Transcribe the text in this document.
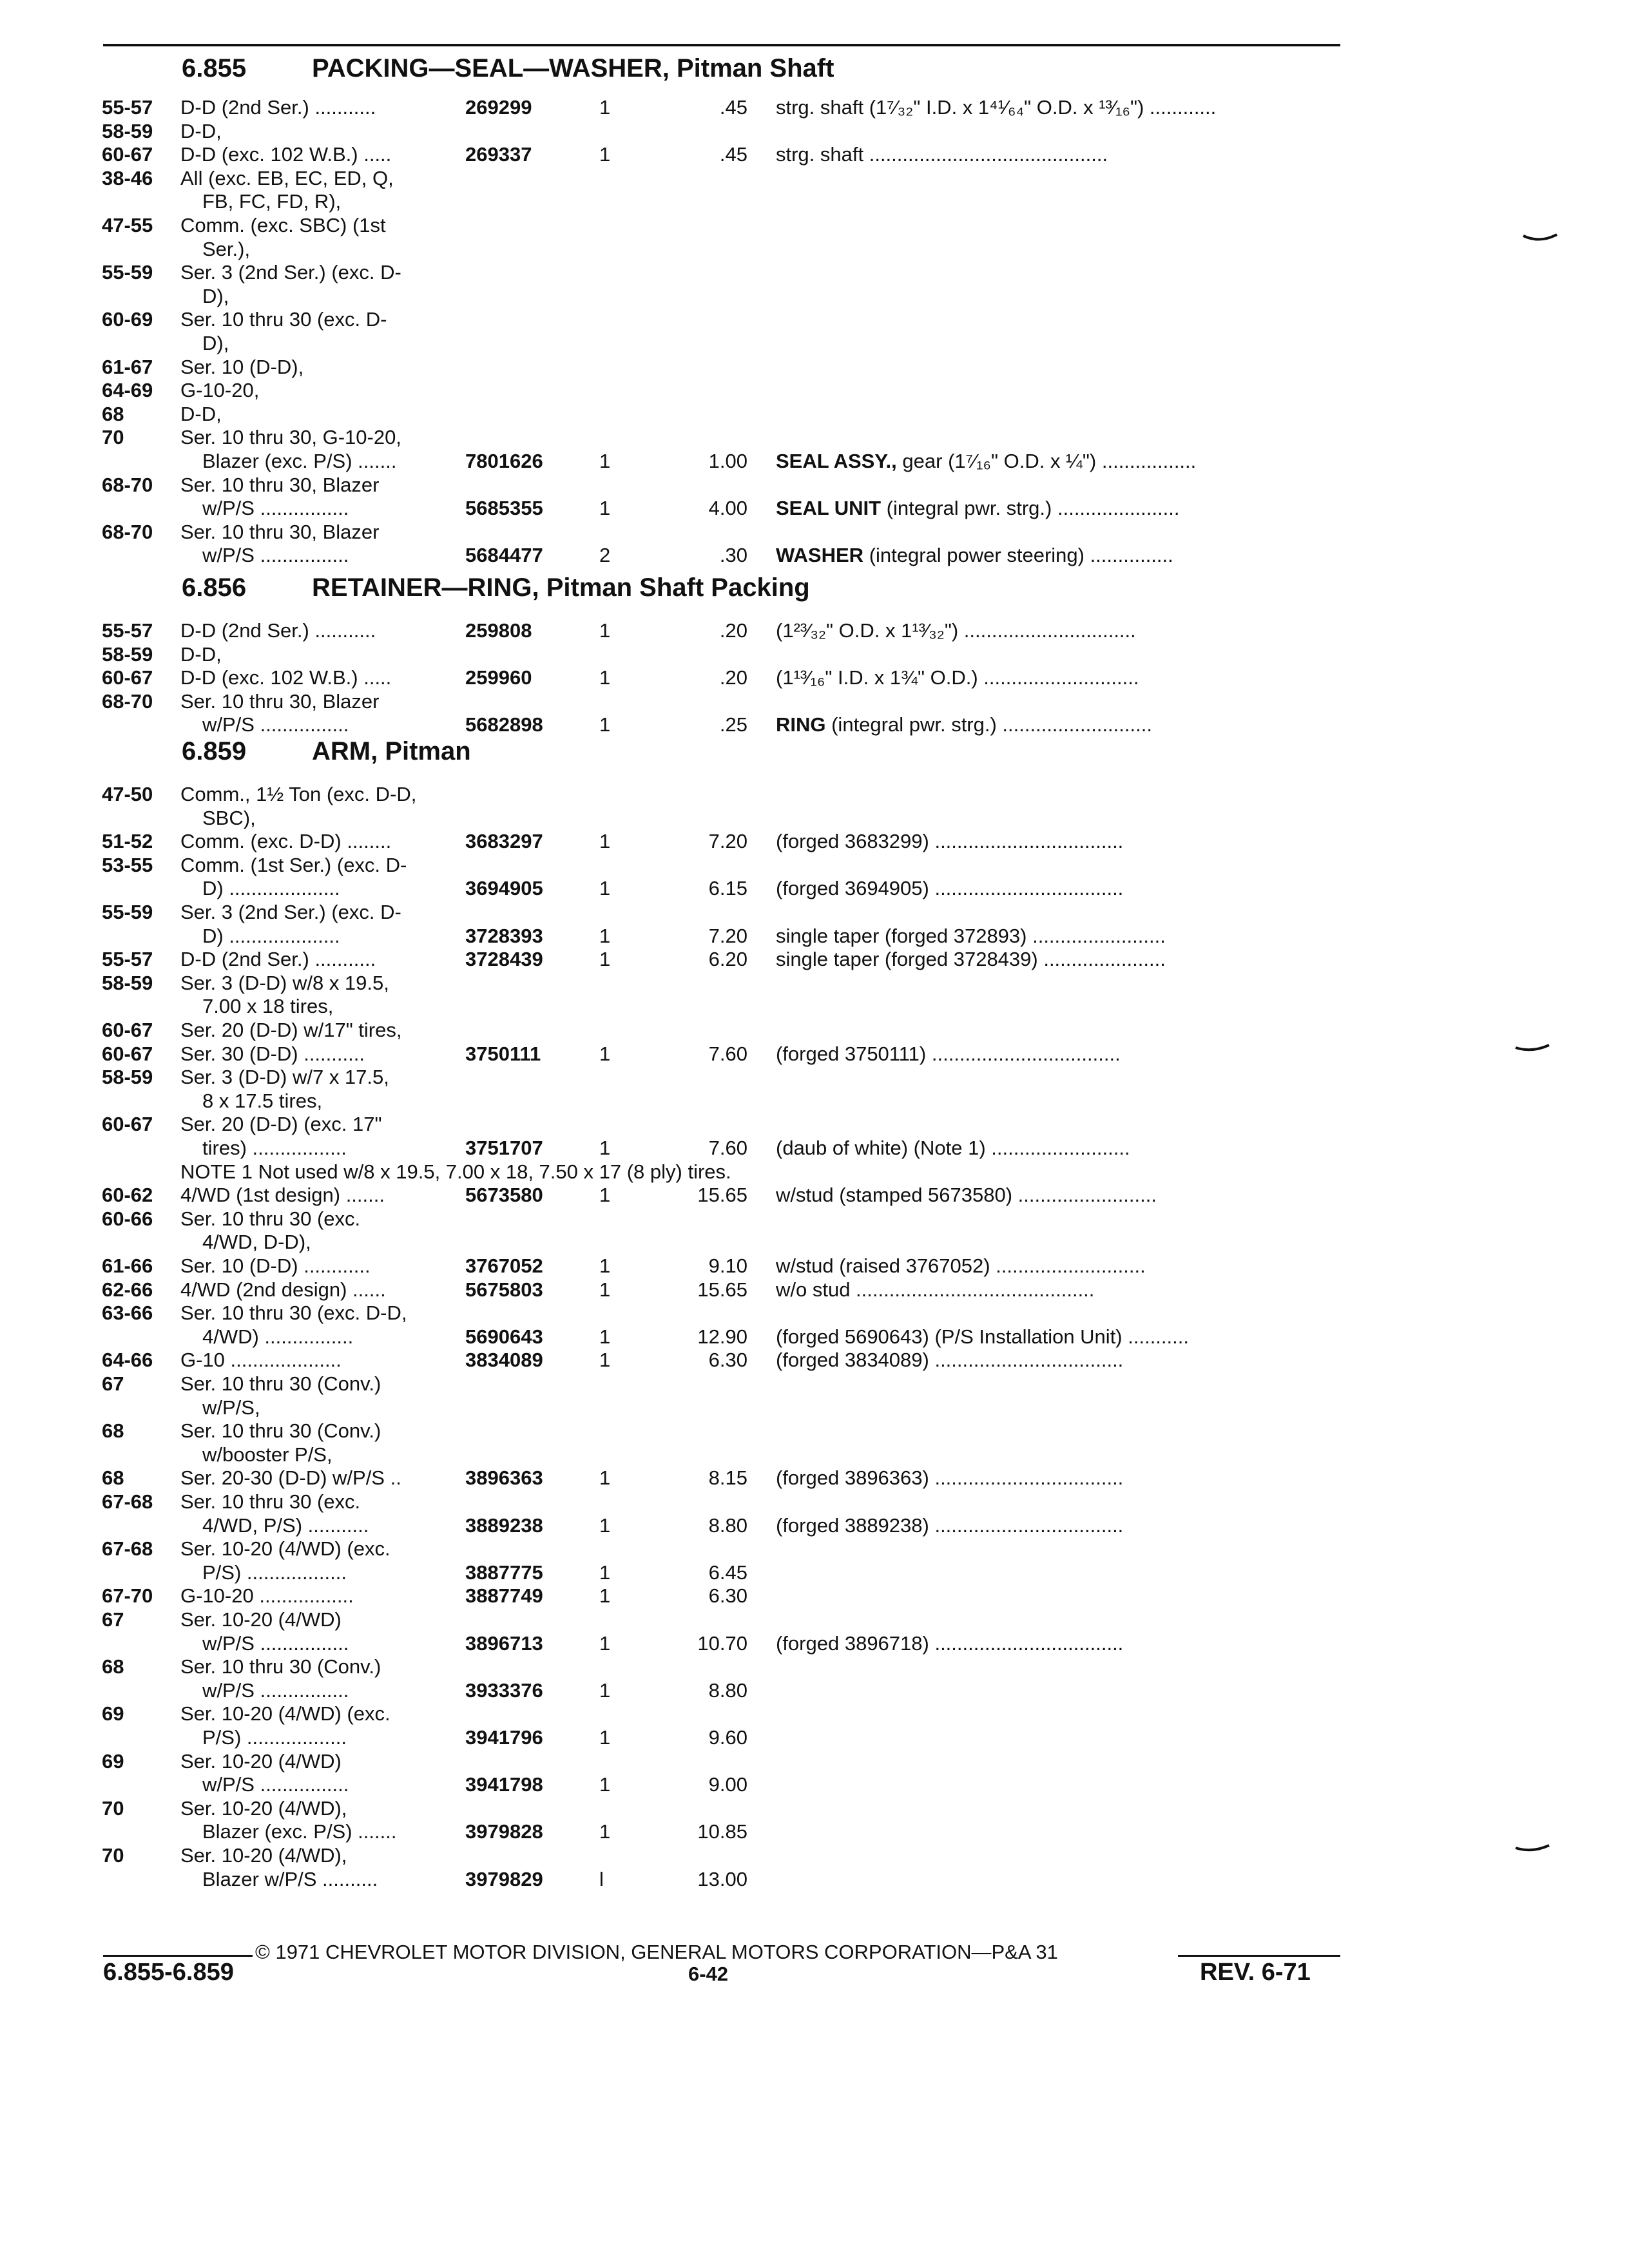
6.855	PACKING—SEAL—WASHER, Pitman Shaft
6.856	RETAINER—RING, Pitman Shaft Packing
6.859	ARM, Pitman
55-57	D-D (2nd Ser.) ...........	269299	1	.45 strg. shaft (1⁷⁄₃₂" I.D. x 1⁴¹⁄₆₄" O.D. x ¹³⁄₁₆") ............
58-59	D-D,
60-67	D-D (exc. 102 W.B.) .....	269337	1	.45 strg. shaft ...........................................
38-46	All (exc. EB, EC, ED, Q,
FB, FC, FD, R),
47-55	Comm. (exc. SBC) (1st
Ser.),
55-59	Ser. 3 (2nd Ser.) (exc. D-
D),
60-69	Ser. 10 thru 30 (exc. D-
D),
61-67	Ser. 10 (D-D),
64-69	G-10-20,
68	D-D,
70	Ser. 10 thru 30, G-10-20,
Blazer (exc. P/S) .......	7801626	1	1.00 SEAL ASSY., gear (1⁷⁄₁₆" O.D. x ¼") .................
68-70	Ser. 10 thru 30, Blazer
w/P/S ................	5685355	1	4.00 SEAL UNIT (integral pwr. strg.) ......................
68-70	Ser. 10 thru 30, Blazer
w/P/S ................	5684477	2	.30 WASHER (integral power steering) ...............
55-57	D-D (2nd Ser.) ...........	259808	1	.20 (1²³⁄₃₂" O.D. x 1¹³⁄₃₂") ...............................
58-59	D-D,
60-67	D-D (exc. 102 W.B.) .....	259960	1	.20 (1¹³⁄₁₆" I.D. x 1¾" O.D.) ............................
68-70	Ser. 10 thru 30, Blazer
w/P/S ................	5682898	1	.25 RING (integral pwr. strg.) ...........................
47-50	Comm., 1½ Ton (exc. D-D,
SBC),
51-52	Comm. (exc. D-D) ........	3683297	1	7.20 (forged 3683299) ..................................
53-55	Comm. (1st Ser.) (exc. D-
D) ....................	3694905	1	6.15 (forged 3694905) ..................................
55-59	Ser. 3 (2nd Ser.) (exc. D-
D) ....................	3728393	1	7.20 single taper (forged 372893) ........................
55-57	D-D (2nd Ser.) ...........	3728439	1	6.20 single taper (forged 3728439) ......................
58-59	Ser. 3 (D-D) w/8 x 19.5,
7.00 x 18 tires,
60-67	Ser. 20 (D-D) w/17" tires,
60-67	Ser. 30 (D-D) ...........	3750111	1	7.60 (forged 3750111) ..................................
58-59	Ser. 3 (D-D) w/7 x 17.5,
8 x 17.5 tires,
60-67	Ser. 20 (D-D) (exc. 17"
tires) .................	3751707	1	7.60 (daub of white) (Note 1) .........................
NOTE 1 Not used w/8 x 19.5, 7.00 x 18, 7.50 x 17 (8 ply) tires.
60-62	4/WD (1st design) .......	5673580	1	15.65 w/stud (stamped 5673580) .........................
60-66	Ser. 10 thru 30 (exc.
4/WD, D-D),
61-66	Ser. 10 (D-D) ............	3767052	1	9.10 w/stud (raised 3767052) ...........................
62-66	4/WD (2nd design) ......	5675803	1	15.65 w/o stud ...........................................
63-66	Ser. 10 thru 30 (exc. D-D,
4/WD) ................	5690643	1	12.90 (forged 5690643) (P/S Installation Unit) ...........
64-66	G-10 ....................	3834089	1	6.30 (forged 3834089) ..................................
67	Ser. 10 thru 30 (Conv.)
w/P/S,
68	Ser. 10 thru 30 (Conv.)
w/booster P/S,
68	Ser. 20-30 (D-D) w/P/S ..	3896363	1	8.15 (forged 3896363) ..................................
67-68	Ser. 10 thru 30 (exc.
4/WD, P/S) ...........	3889238	1	8.80 (forged 3889238) ..................................
67-68	Ser. 10-20 (4/WD) (exc.
P/S) ..................	3887775	1	6.45
67-70	G-10-20 .................	3887749	1	6.30
67	Ser. 10-20 (4/WD)
w/P/S ................	3896713	1	10.70 (forged 3896718) ..................................
68	Ser. 10 thru 30 (Conv.)
w/P/S ................	3933376	1	8.80
69	Ser. 10-20 (4/WD) (exc.
P/S) ..................	3941796	1	9.60
69	Ser. 10-20 (4/WD)
w/P/S ................	3941798	1	9.00
70	Ser. 10-20 (4/WD),
Blazer (exc. P/S) .......	3979828	1	10.85
70	Ser. 10-20 (4/WD),
Blazer w/P/S ..........	3979829	l	13.00
© 1971 CHEVROLET MOTOR DIVISION, GENERAL MOTORS CORPORATION—P&A 31
6.855-6.859	6-42	REV. 6-71
